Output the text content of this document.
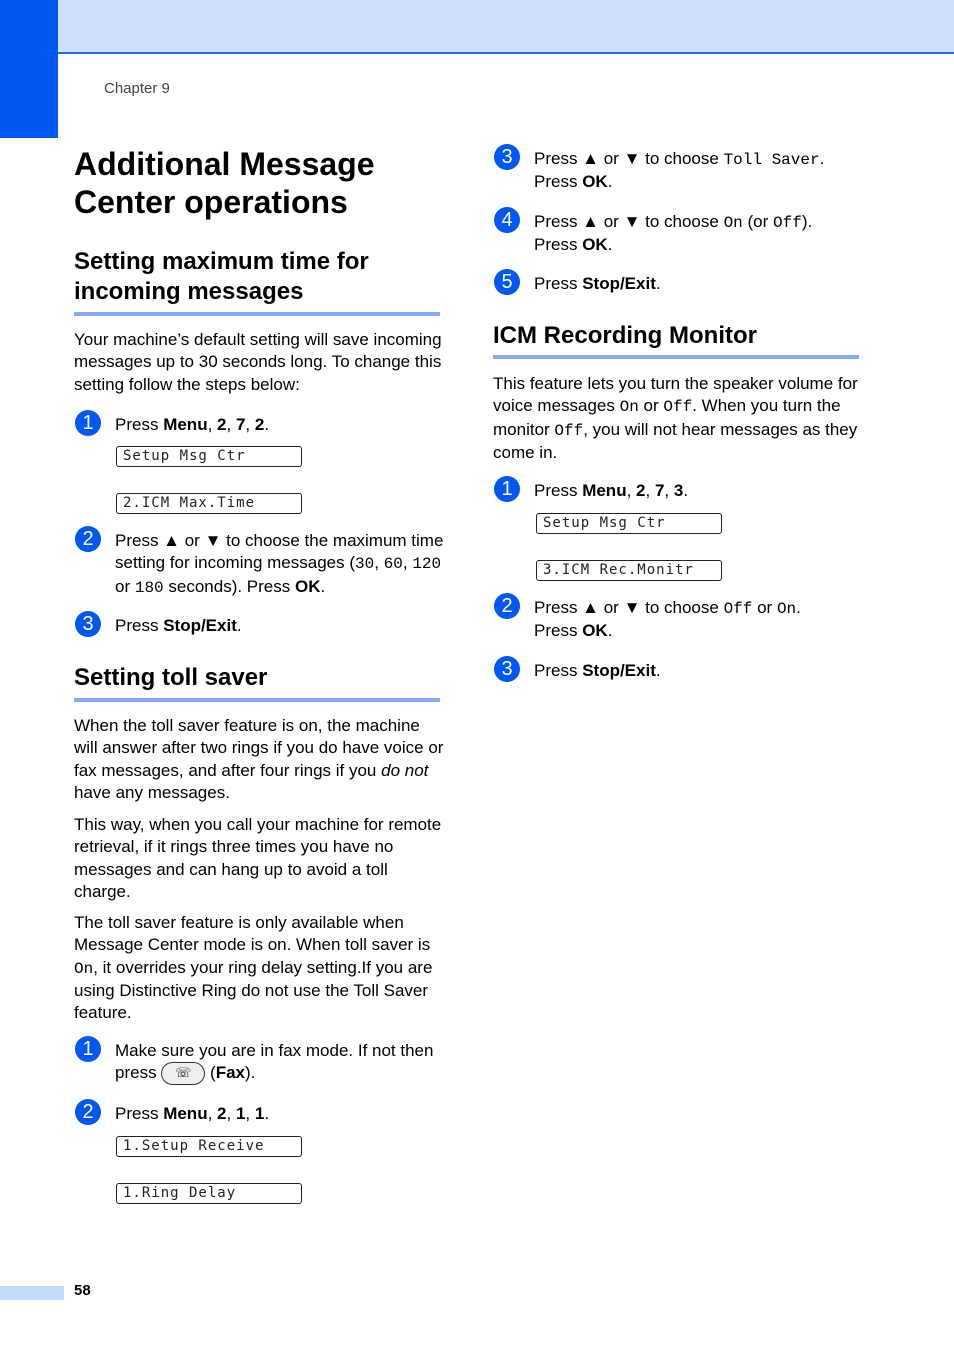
Chapter 9
Additional Message Center operations
Setting maximum time for incoming messages

Your machine’s default setting will save incoming messages up to 30 seconds long. To change this setting follow the steps below:

1	Press Menu, 2, 7, 2.
Setup Msg Ctr
2.ICM Max.Time
2	Press ▲ or ▼ to choose the maximum time setting for incoming messages (30, 60, 120 or 180 seconds). Press OK.
3	Press Stop/Exit.
Setting toll saver

When the toll saver feature is on, the machine will answer after two rings if you do have voice or fax messages, and after four rings if you do not have any messages.

This way, when you call your machine for remote retrieval, if it rings three times you have no messages and can hang up to avoid a toll charge.

The toll saver feature is only available when Message Center mode is on. When toll saver is On, it overrides your ring delay setting.If you are using Distinctive Ring do not use the Toll Saver feature.

1	Make sure you are in fax mode. If not then press ☏ (Fax).
2	Press Menu, 2, 1, 1.
1.Setup Receive
1.Ring Delay
3	Press ▲ or ▼ to choose Toll Saver.
Press OK.
4	Press ▲ or ▼ to choose On (or Off).
Press OK.
5	Press Stop/Exit.
ICM Recording Monitor

This feature lets you turn the speaker volume for voice messages On or Off. When you turn the monitor Off, you will not hear messages as they come in.

1	Press Menu, 2, 7, 3.
Setup Msg Ctr
3.ICM Rec.Monitr
2	Press ▲ or ▼ to choose Off or On.
Press OK.
3	Press Stop/Exit.
58
